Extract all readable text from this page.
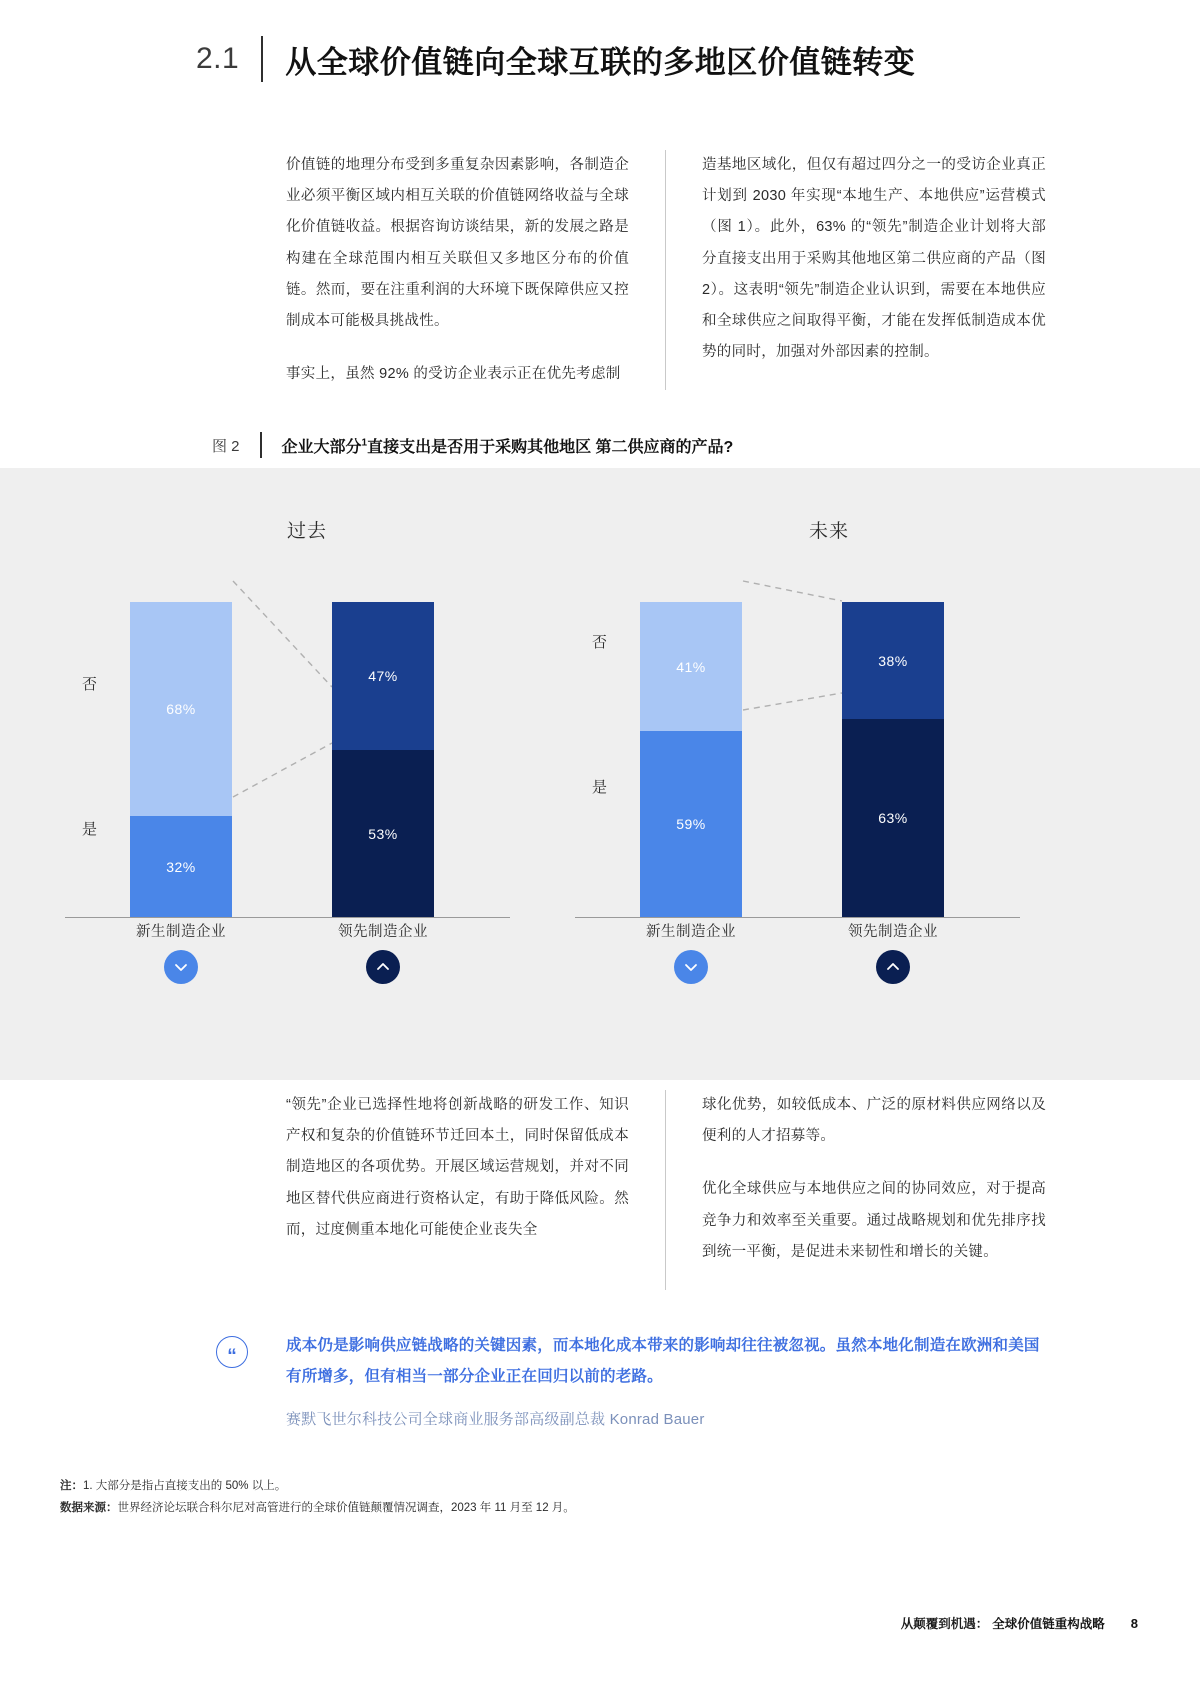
2.1	从全球价值链向全球互联的多地区价值链转变

价值链的地理分布受到多重复杂因素影响，各制造企业必须平衡区域内相互关联的价值链网络收益与全球化价值链收益。根据咨询访谈结果，新的发展之路是构建在全球范围内相互关联但又多地区分布的价值链。然而，要在注重利润的大环境下既保障供应又控制成本可能极具挑战性。

事实上，虽然 92% 的受访企业表示正在优先考虑制

造基地区域化，但仅有超过四分之一的受访企业真正计划到 2030 年实现“本地生产、本地供应”运营模式（图 1）。此外，63% 的“领先”制造企业计划将大部分直接支出用于采购其他地区第二供应商的产品（图 2）。这表明“领先”制造企业认识到，需要在本地供应和全球供应之间取得平衡，才能在发挥低制造成本优势的同时，加强对外部因素的控制。

图 2	企业大部分$^1$直接支出是否用于采购其他地区 第二供应商的产品?
过去
68%
32%
47%
53%
否
是
新生制造企业	领先制造企业
未来
41%
59%
38%
63%
否
是
新生制造企业	领先制造企业
注：1. 大部分是指占直接支出的 50% 以上。
数据来源：世界经济论坛联合科尔尼对高管进行的全球价值链颠覆情况调查，2023 年 11 月至 12 月。

“领先”企业已选择性地将创新战略的研发工作、知识产权和复杂的价值链环节迁回本土，同时保留低成本制造地区的各项优势。开展区域运营规划，并对不同地区替代供应商进行资格认定，有助于降低风险。然而，过度侧重本地化可能使企业丧失全

球化优势，如较低成本、广泛的原材料供应网络以及便利的人才招募等。

优化全球供应与本地供应之间的协同效应，对于提高竞争力和效率至关重要。通过战略规划和优先排序找到统一平衡，是促进未来韧性和增长的关键。

“	成本仍是影响供应链战略的关键因素，而本地化成本带来的影响却往往被忽视。虽然本地化制造在欧洲和美国有所增多，但有相当一部分企业正在回归以前的老路。
赛默飞世尔科技公司全球商业服务部高级副总裁 Konrad Bauer
从颠覆到机遇： 全球价值链重构战略 8
